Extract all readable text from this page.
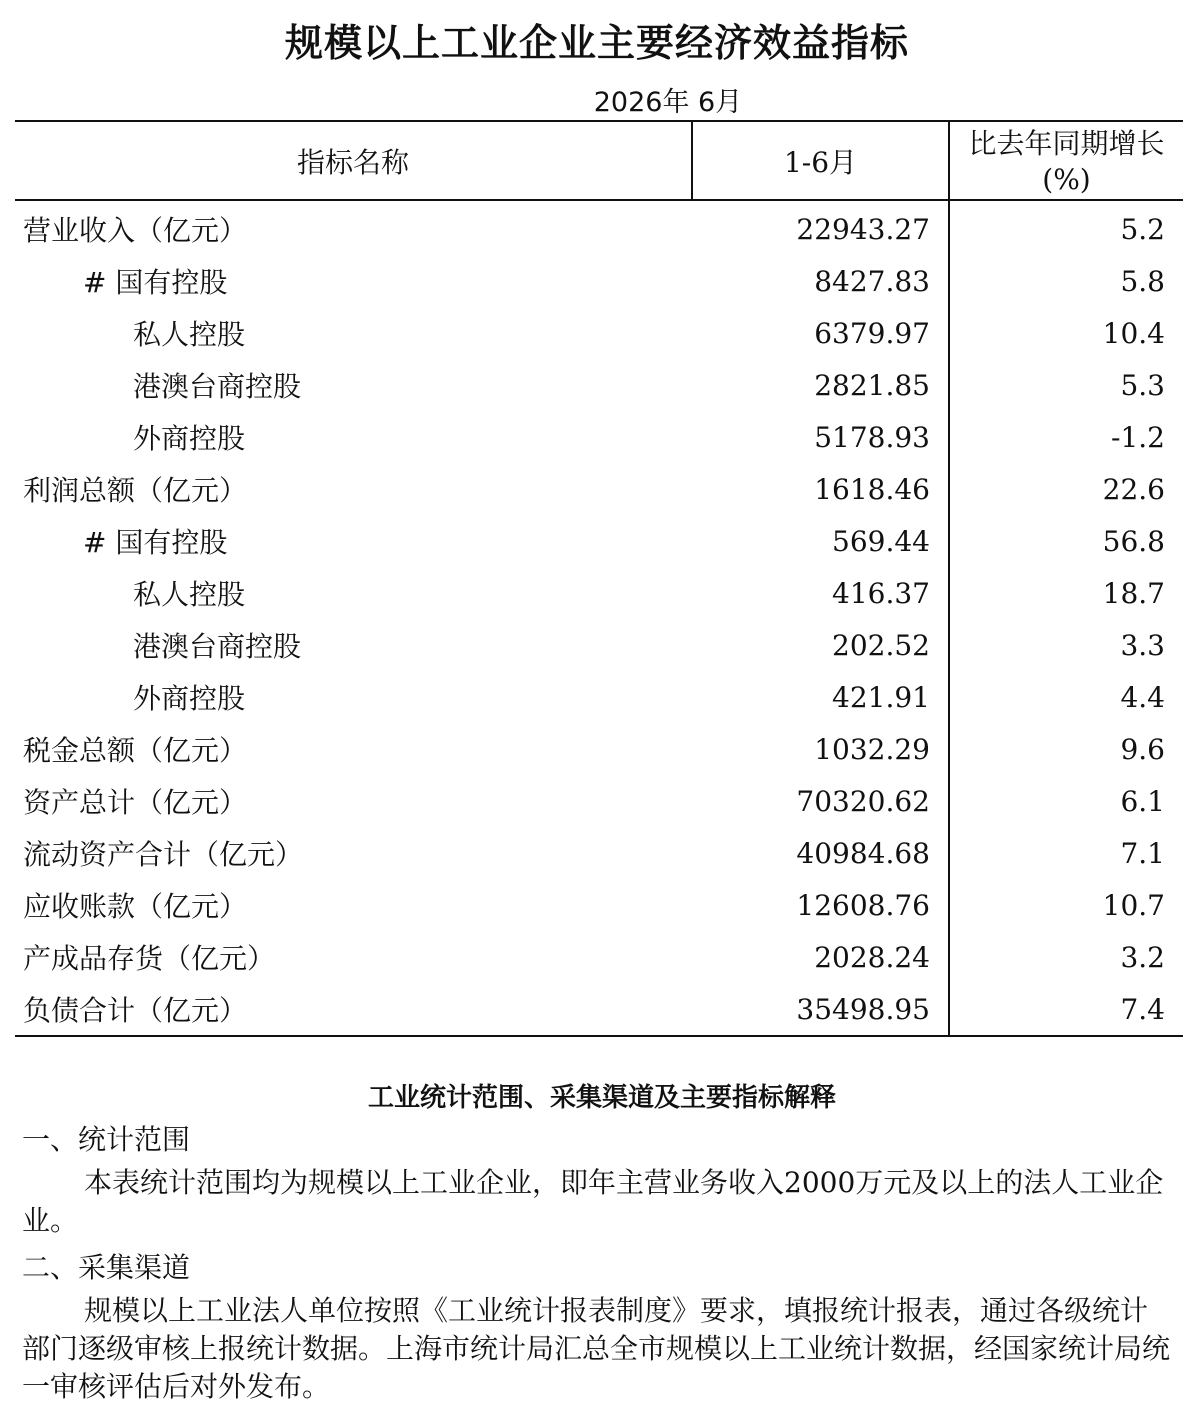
规模以上工业企业主要经济效益指标
2026年 6月
指标名称	1-6月	比去年同期增长(%)
营业收入（亿元）	22943.27	5.2
# 国有控股	8427.83	5.8
私人控股	6379.97	10.4
港澳台商控股	2821.85	5.3
外商控股	5178.93	-1.2
利润总额（亿元）	1618.46	22.6
# 国有控股	569.44	56.8
私人控股	416.37	18.7
港澳台商控股	202.52	3.3
外商控股	421.91	4.4
税金总额（亿元）	1032.29	9.6
资产总计（亿元）	70320.62	6.1
流动资产合计（亿元）	40984.68	7.1
应收账款（亿元）	12608.76	10.7
产成品存货（亿元）	2028.24	3.2
负债合计（亿元）	35498.95	7.4
工业统计范围、采集渠道及主要指标解释
一、统计范围
本表统计范围均为规模以上工业企业，即年主营业务收入2000万元及以上的法人工业企业。
二、采集渠道
规模以上工业法人单位按照《工业统计报表制度》要求，填报统计报表，通过各级统计部门逐级审核上报统计数据。上海市统计局汇总全市规模以上工业统计数据，经国家统计局统一审核评估后对外发布。
